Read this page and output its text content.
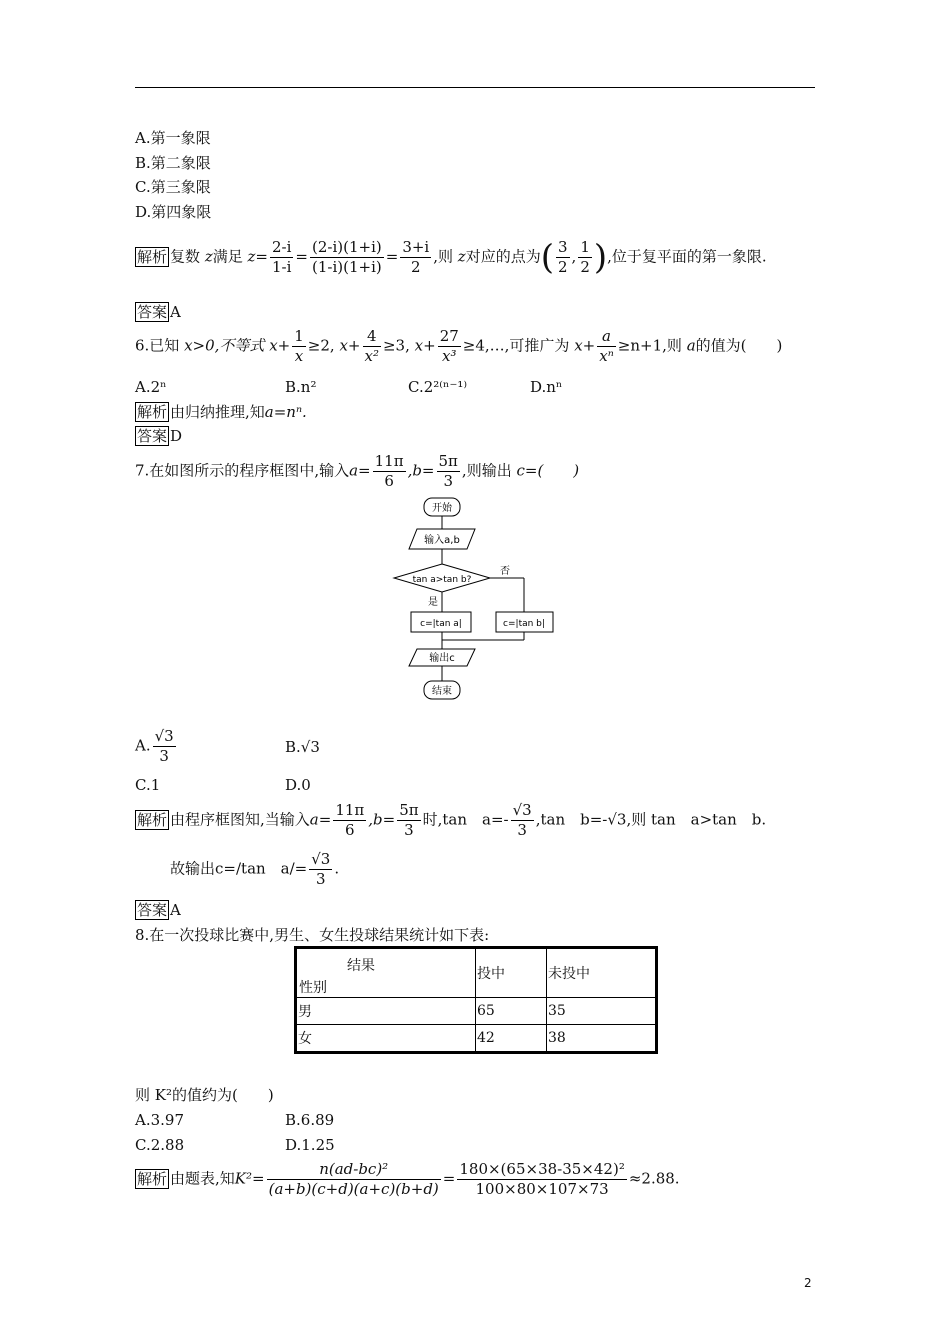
A.第一象限
B.第二象限
C.第三象限
D.第四象限
解析 复数 z满足 $z= \frac{2-i}{1-i} = \frac{(2-i)(1+i)}{(1-i)(1+i)} = \frac{3+i}{2}$ ,则 z对应的点为( $\frac{3}{2}$ , $\frac{1}{2}$ ),位于复平面的第一象限.
答案 A
6.已知 x>0,不等式 $x+ \frac{1}{x} \ge 2$, $x+ \frac{4}{\text{x²}} \ge 3$, $x+ \frac{27}{\text{x³}}$ ≥4,…,可推广为 $x+ \frac{a}{\text{xⁿ}} \ge n+1$,则 a的值为(　　)
A.2ⁿ	B.n²	C.2²⁽ⁿ⁻¹⁾	D.nⁿ
解析 由归纳推理,知a=nⁿ.
答案 D
7.在如图所示的程序框图中,输入$a= \frac{11\pi}{6} ,b= \frac{5\pi}{3}$ ,则输出 c=(　　)
开始
输入a,b
tan a>tan b?
否
是
c=|tan a|	c=|tan b|
输出c
结束
A. $\frac{√3}{3}$	B.√3
C.1	D.0
解析 由程序框图知,当输入$a= \frac{11\pi}{6} ,b= \frac{5\pi}{3}$ 时,tan　$a=- \frac{√3}{3} ,\tan$　b=-√3,则 tan　a>tan　b.
故输出c=/tan　$a/= \frac{√3}{3}$ .
答案 A
8.在一次投球比赛中,男生、女生投球结果统计如下表:
结果
性别	投中	未投中
男	65	35
女	42	38
则 K²的值约为(　　)
A.3.97	B.6.89
C.2.88	D.1.25
解析 由题表,知$K^2= \frac{\text{n(ad-bc)²}}{(a+b)(c+d)(a+c)(b+d)} = \frac{\text{180×(65×38-35×42)²}}{100\times 80\times 107\times 73} \approx 2.88$.
2
